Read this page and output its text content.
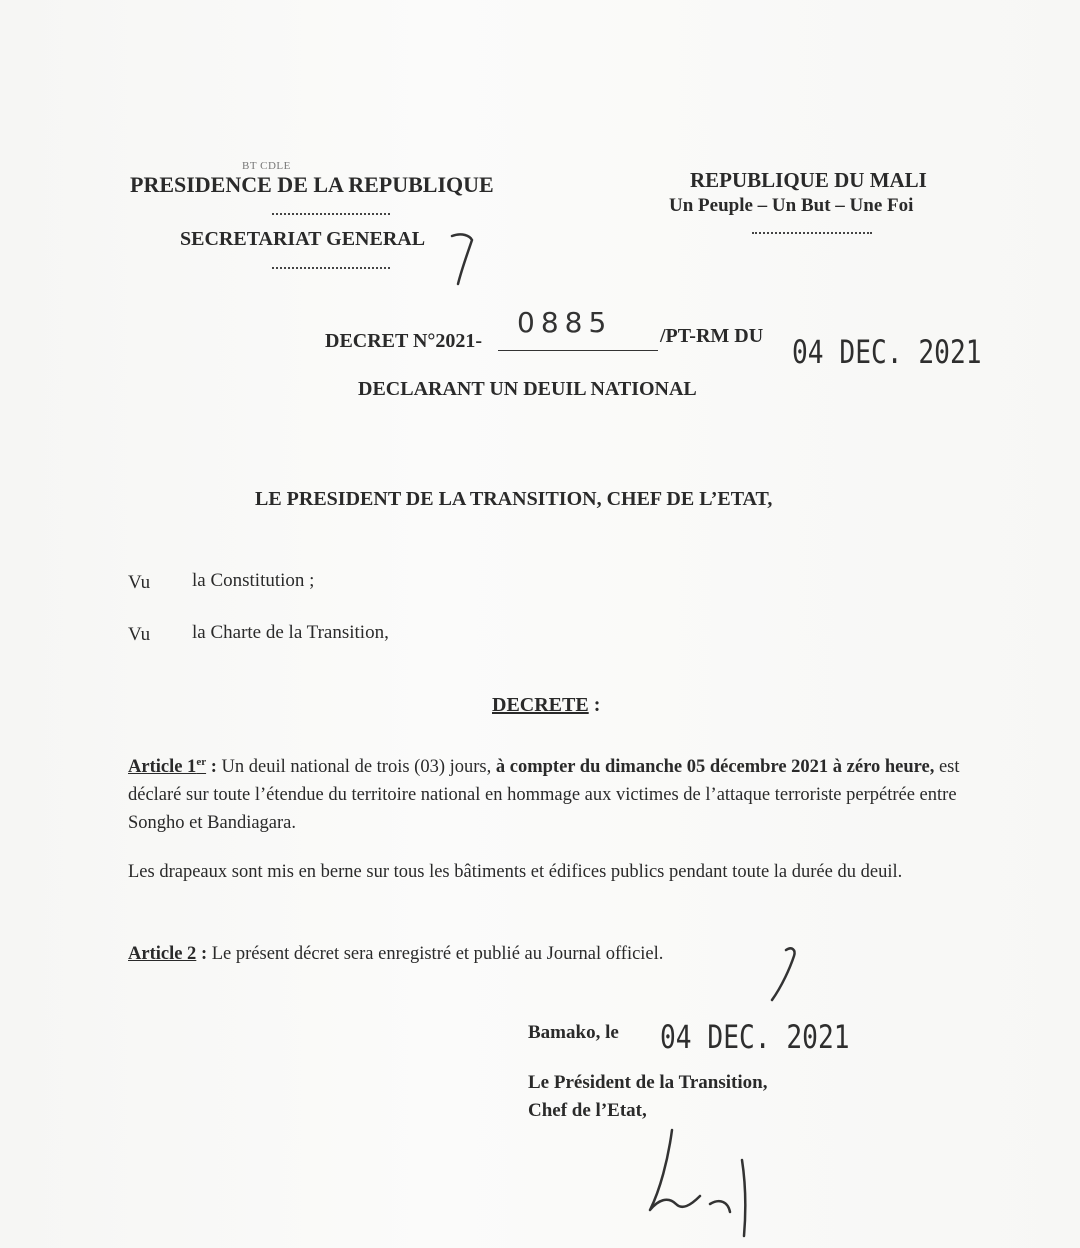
BT CDLE
PRESIDENCE DE LA REPUBLIQUE
SECRETARIAT GENERAL
REPUBLIQUE DU MALI
Un Peuple – Un But – Une Foi
DECRET N°2021-
0885 /PT-RM DU 04 DEC. 2021
DECLARANT UN DEUIL NATIONAL
LE PRESIDENT DE LA TRANSITION, CHEF DE L’ETAT,
Vu la Constitution ;
Vu la Charte de la Transition,
DECRETE :
Article 1er : Un deuil national de trois (03) jours, à compter du dimanche 05 décembre 2021 à zéro heure, est déclaré sur toute l’étendue du territoire national en hommage aux victimes de l’attaque terroriste perpétrée entre Songho et Bandiagara.
Les drapeaux sont mis en berne sur tous les bâtiments et édifices publics pendant toute la durée du deuil.
Article 2 : Le présent décret sera enregistré et publié au Journal officiel.
Bamako, le 04 DEC. 2021
Le Président de la Transition,
Chef de l’Etat,
